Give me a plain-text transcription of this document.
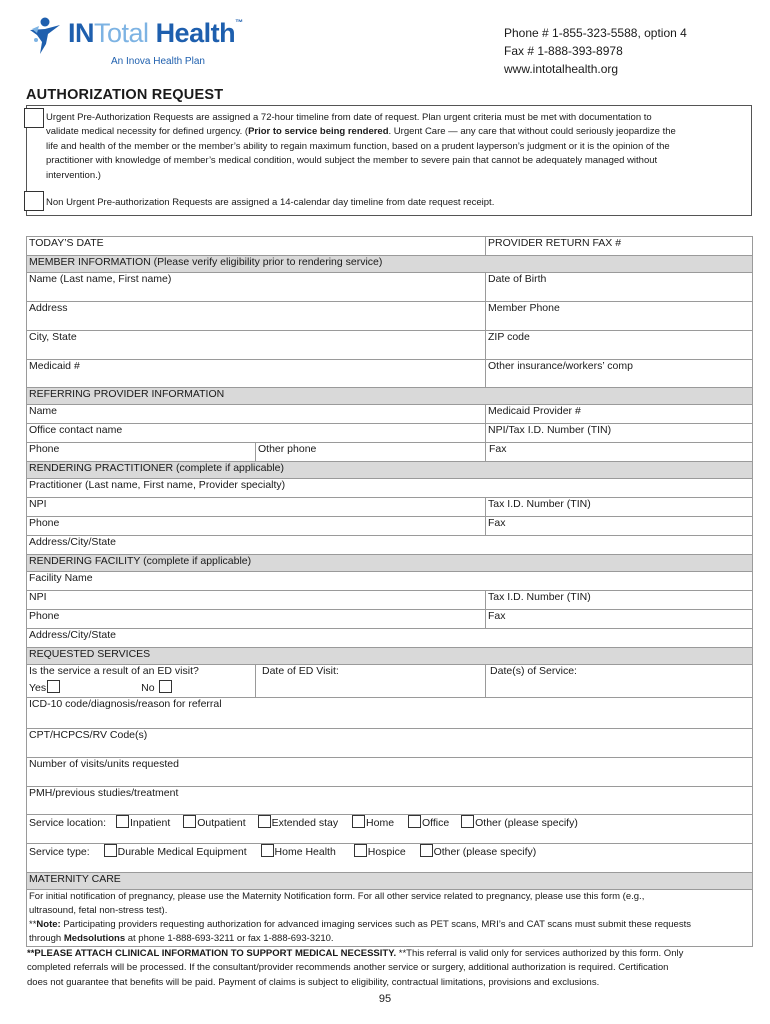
INTotal Health™
An Inova Health Plan
Phone # 1-855-323-5588, option 4
Fax # 1-888-393-8978
www.intotalhealth.org
AUTHORIZATION REQUEST
Urgent Pre-Authorization Requests are assigned a 72-hour timeline from date of request. Plan urgent criteria must be met with documentation to
validate medical necessity for defined urgency. (Prior to service being rendered. Urgent Care — any care that without could seriously jeopardize the
life and health of the member or the member’s ability to regain maximum function, based on a prudent layperson’s judgment or it is the opinion of the
practitioner with knowledge of member’s medical condition, would subject the member to severe pain that cannot be adequately managed without
intervention.)
Non Urgent Pre-authorization Requests are assigned a 14-calendar day timeline from date request receipt.
TODAY’S DATE		PROVIDER RETURN FAX #
MEMBER INFORMATION (Please verify eligibility prior to rendering service)		
Name (Last name, First name)		Date of Birth
Address		Member Phone
City, State		ZIP code
Medicaid #		Other insurance/workers’ comp
REFERRING PROVIDER INFORMATION		
Name		Medicaid Provider #
Office contact name		NPI/Tax I.D. Number (TIN)
Phone	Other phone	Fax
RENDERING PRACTITIONER (complete if applicable)		
Practitioner (Last name, First name, Provider specialty)		
NPI		Tax I.D. Number (TIN)
Phone		Fax
Address/City/State		
RENDERING FACILITY (complete if applicable)		
Facility Name		
NPI		Tax I.D. Number (TIN)
Phone		Fax
Address/City/State		
REQUESTED SERVICES		

Is the service a result of an ED visit?
Yes No	Date of ED Visit:	Date(s) of Service:
ICD-10 code/diagnosis/reason for referral		
CPT/HCPCS/RV Code(s)		
Number of visits/units requested		
PMH/previous studies/treatment		
Service location: Inpatient Outpatient Extended stay Home Office Other (please specify)		
Service type: Durable Medical Equipment Home Health Hospice Other (please specify)		
MATERNITY CARE		

For initial notification of pregnancy, please use the Maternity Notification form. For all other service related to pregnancy, please use this form (e.g.,
ultrasound, fetal non-stress test).
**Note: Participating providers requesting authorization for advanced imaging services such as PET scans, MRI’s and CAT scans must submit these requests
through Medsolutions at phone 1-888-693-3211 or fax 1-888-693-3210.		
**PLEASE ATTACH CLINICAL INFORMATION TO SUPPORT MEDICAL NECESSITY. **This referral is valid only for services authorized by this form. Only
completed referrals will be processed. If the consultant/provider recommends another service or surgery, additional authorization is required. Certification
does not guarantee that benefits will be paid. Payment of claims is subject to eligibility, contractual limitations, provisions and exclusions.
95
